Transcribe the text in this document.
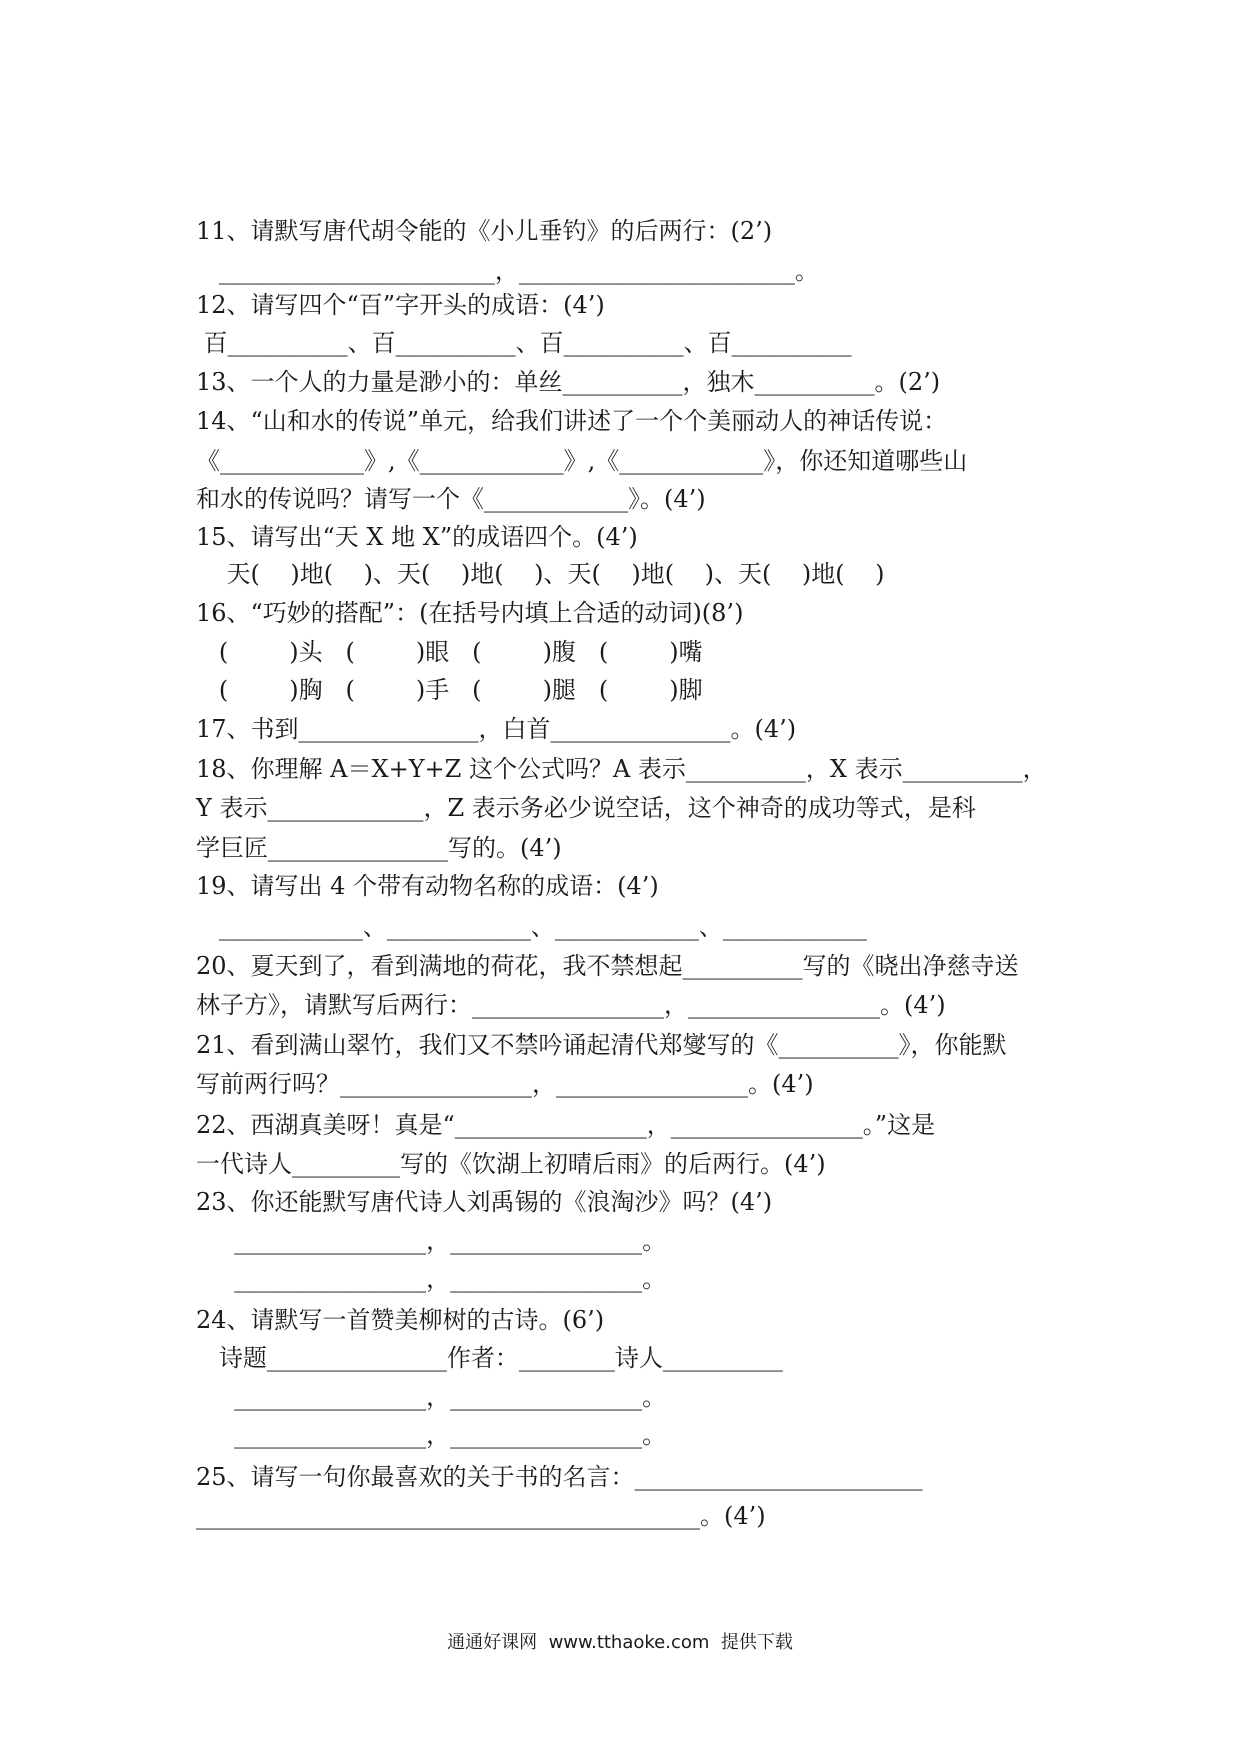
11、请默写唐代胡令能的《小儿垂钓》的后两行：(2’)
_______________________，_______________________。
12、请写四个“百”字开头的成语：(4’)
百__________、百__________、百__________、百__________
13、一个人的力量是渺小的：单丝__________，独木__________。(2’)
14、“山和水的传说”单元，给我们讲述了一个个美丽动人的神话传说：
《____________》,《____________》,《____________》，你还知道哪些山
和水的传说吗？请写一个《____________》。(4’)
15、请写出“天 X 地 X”的成语四个。(4’)
天(    )地(    )、天(    )地(    )、天(    )地(    )、天(    )地(    )
16、“巧妙的搭配”：(在括号内填上合适的动词)(8’)
(        )头   (        )眼   (        )腹   (        )嘴
(        )胸   (        )手   (        )腿   (        )脚
17、书到_______________，白首_______________。(4’)
18、你理解 A＝X+Y+Z 这个公式吗？A 表示__________，X 表示__________，
Y 表示_____________，Z 表示务必少说空话，这个神奇的成功等式，是科
学巨匠_______________写的。(4’)
19、请写出 4 个带有动物名称的成语：(4’)
____________、____________、____________、____________
20、夏天到了，看到满地的荷花，我不禁想起__________写的《晓出净慈寺送
林子方》，请默写后两行：________________，________________。(4’)
21、看到满山翠竹，我们又不禁吟诵起清代郑燮写的《__________》，你能默
写前两行吗？________________，________________。(4’)
22、西湖真美呀！真是“________________，________________。”这是
一代诗人_________写的《饮湖上初晴后雨》的后两行。(4’)
23、你还能默写唐代诗人刘禹锡的《浪淘沙》吗？(4’)
________________，________________。
________________，________________。
24、请默写一首赞美柳树的古诗。(6’)
诗题_______________作者：________诗人__________
________________，________________。
________________，________________。
25、请写一句你最喜欢的关于书的名言：________________________
__________________________________________。(4’)
通通好课网  www.tthaoke.com  提供下载
